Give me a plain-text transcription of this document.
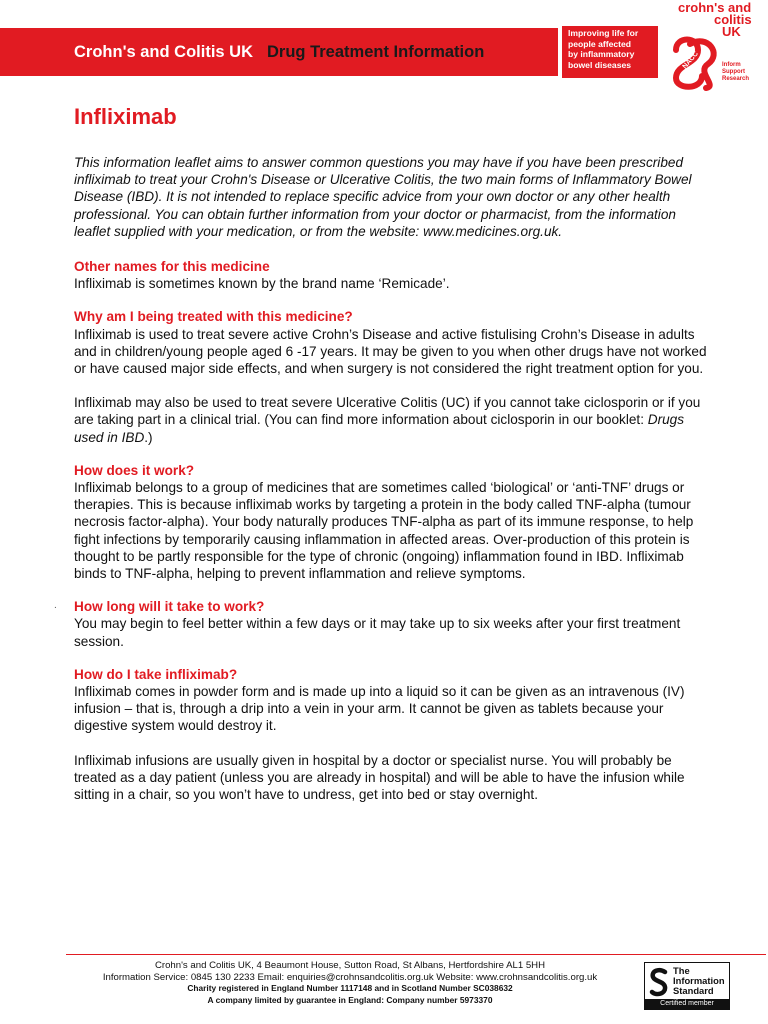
Crohn's and Colitis UK Drug Treatment Information
Improving life for
people affected
by inflammatory
bowel diseases
crohn's and
colitis
UK
NACC	Inform
Support
Research
Infliximab

This information leaflet aims to answer common questions you may have if you have been prescribed infliximab to treat your Crohn's Disease or Ulcerative Colitis, the two main forms of Inflammatory Bowel Disease (IBD). It is not intended to replace specific advice from your own doctor or any other health professional. You can obtain further information from your doctor or pharmacist, from the information leaflet supplied with your medication, or from the website: www.medicines.org.uk.

Other names for this medicine

Infliximab is sometimes known by the brand name ‘Remicade’.

Why am I being treated with this medicine?

Infliximab is used to treat severe active Crohn’s Disease and active fistulising Crohn’s Disease in adults and in children/young people aged 6 -17 years. It may be given to you when other drugs have not worked or have caused major side effects, and when surgery is not considered the right treatment option for you.

Infliximab may also be used to treat severe Ulcerative Colitis (UC) if you cannot take ciclosporin or if you are taking part in a clinical trial. (You can find more information about ciclosporin in our booklet: Drugs used in IBD.)

How does it work?

Infliximab belongs to a group of medicines that are sometimes called ‘biological’ or ‘anti-TNF’ drugs or therapies. This is because infliximab works by targeting a protein in the body called TNF-alpha (tumour necrosis factor-alpha). Your body naturally produces TNF-alpha as part of its immune response, to help fight infections by temporarily causing inflammation in affected areas. Over-production of this protein is thought to be partly responsible for the type of chronic (ongoing) inflammation found in IBD. Infliximab binds to TNF-alpha, helping to prevent inflammation and relieve symptoms.

How long will it take to work?

You may begin to feel better within a few days or it may take up to six weeks after your first treatment session.

How do I take infliximab?

Infliximab comes in powder form and is made up into a liquid so it can be given as an intravenous (IV) infusion – that is, through a drip into a vein in your arm. It cannot be given as tablets because your digestive system would destroy it.

Infliximab infusions are usually given in hospital by a doctor or specialist nurse. You will probably be treated as a day patient (unless you are already in hospital) and will be able to have the infusion while sitting in a chair, so you won’t have to undress, get into bed or stay overnight.

.
Crohn's and Colitis UK, 4 Beaumont House, Sutton Road, St Albans, Hertfordshire AL1 5HH
Information Service: 0845 130 2233 Email: enquiries@crohnsandcolitis.org.uk Website: www.crohnsandcolitis.org.uk
Charity registered in England Number 1117148 and in Scotland Number SC038632
A company limited by guarantee in England: Company number 5973370
The
Information
Standard
Certified member
